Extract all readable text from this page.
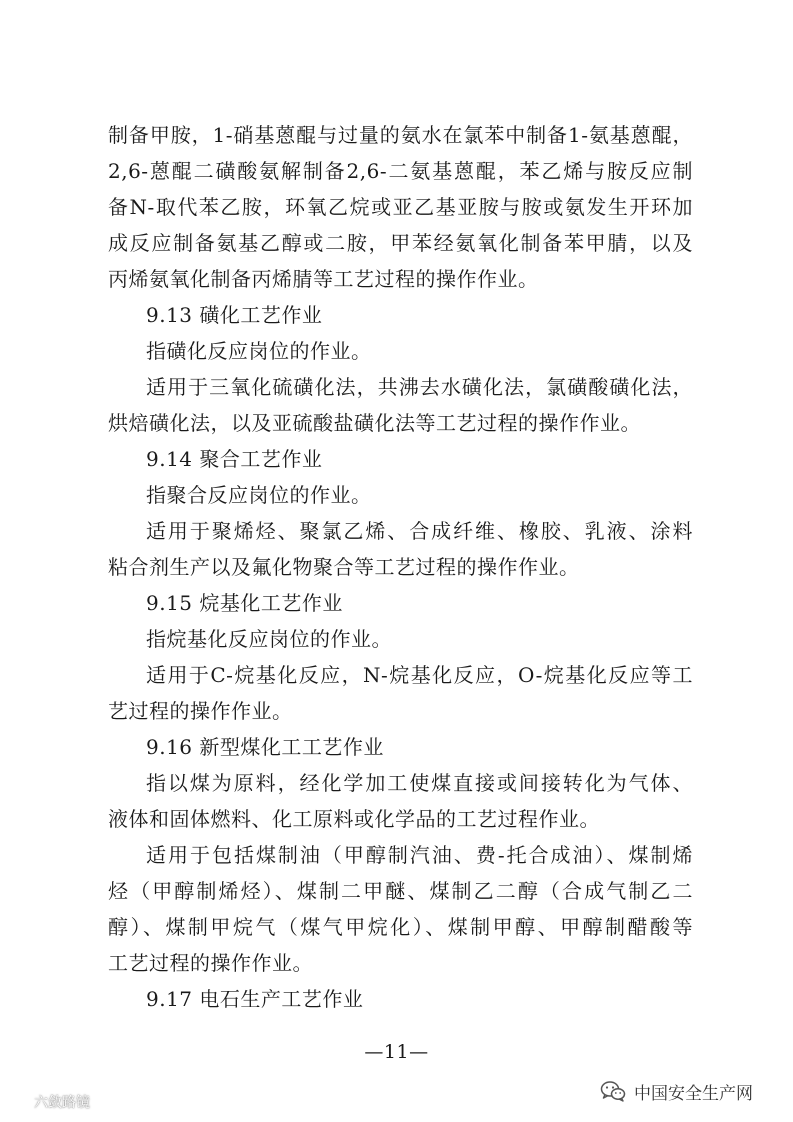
制备甲胺，1-硝基蒽醌与过量的氨水在氯苯中制备1-氨基蒽醌，
2,6-蒽醌二磺酸氨解制备2,6-二氨基蒽醌，苯乙烯与胺反应制
备N-取代苯乙胺，环氧乙烷或亚乙基亚胺与胺或氨发生开环加
成反应制备氨基乙醇或二胺，甲苯经氨氧化制备苯甲腈，以及
丙烯氨氧化制备丙烯腈等工艺过程的操作作业。
9.13 磺化工艺作业
指磺化反应岗位的作业。
适用于三氧化硫磺化法，共沸去水磺化法，氯磺酸磺化法，
烘焙磺化法，以及亚硫酸盐磺化法等工艺过程的操作作业。
9.14 聚合工艺作业
指聚合反应岗位的作业。
适用于聚烯烃、聚氯乙烯、合成纤维、橡胶、乳液、涂料
粘合剂生产以及氟化物聚合等工艺过程的操作作业。
9.15 烷基化工艺作业
指烷基化反应岗位的作业。
适用于C-烷基化反应，N-烷基化反应，O-烷基化反应等工
艺过程的操作作业。
9.16 新型煤化工工艺作业
指以煤为原料，经化学加工使煤直接或间接转化为气体、
液体和固体燃料、化工原料或化学品的工艺过程作业。
适用于包括煤制油（甲醇制汽油、费-托合成油）、煤制烯
烃（甲醇制烯烃）、煤制二甲醚、煤制乙二醇（合成气制乙二
醇）、煤制甲烷气（煤气甲烷化）、煤制甲醇、甲醇制醋酸等
工艺过程的操作作业。
9.17 电石生产工艺作业
—11—
六敛路镜	中国安全生产网
